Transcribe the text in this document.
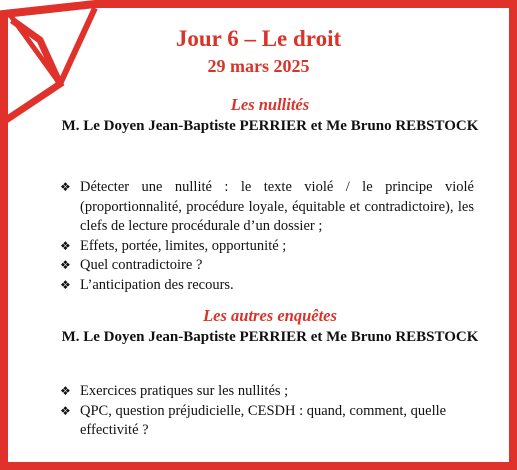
Jour 6 – Le droit
29 mars 2025
Les nullités
M. Le Doyen Jean-Baptiste PERRIER et Me Bruno REBSTOCK
❖ Détecter une nullité : le texte violé / le principe violé (proportionnalité, procédure loyale, équitable et contradictoire), les clefs de lecture procédurale d’un dossier ;
❖ Effets, portée, limites, opportunité ;
❖ Quel contradictoire ?
❖ L’anticipation des recours.
Les autres enquêtes
M. Le Doyen Jean-Baptiste PERRIER et Me Bruno REBSTOCK
❖ Exercices pratiques sur les nullités ;
❖ QPC, question préjudicielle, CESDH : quand, comment, quelle effectivité ?
